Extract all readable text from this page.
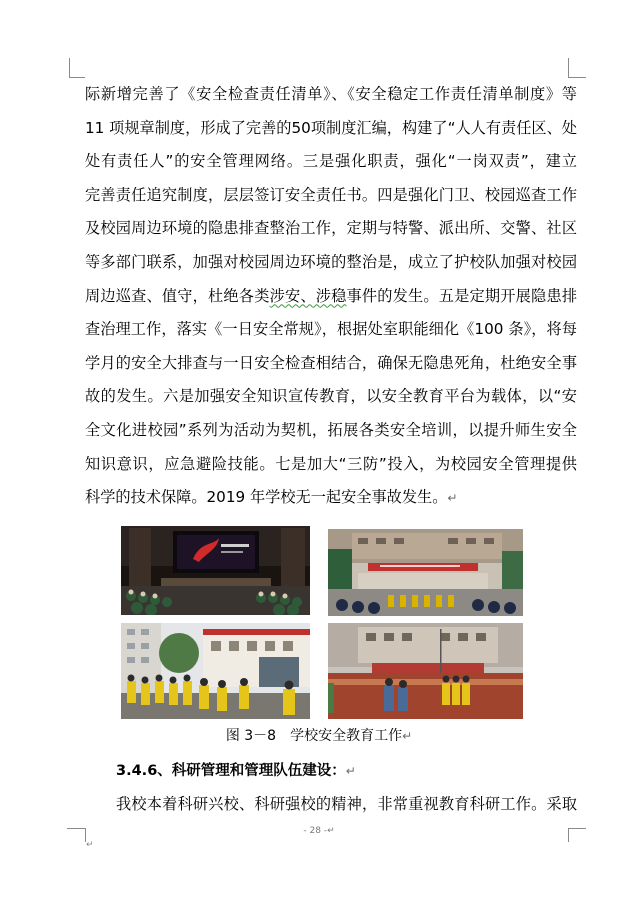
际新增完善了《安全检查责任清单》、《安全稳定工作责任清单制度》等
11 项规章制度，形成了完善的50项制度汇编，构建了“人人有责任区、处
处有责任人”的安全管理网络。三是强化职责，强化“一岗双责”，建立
完善责任追究制度，层层签订安全责任书。四是强化门卫、校园巡查工作
及校园周边环境的隐患排查整治工作，定期与特警、派出所、交警、社区
等多部门联系，加强对校园周边环境的整治是，成立了护校队加强对校园
周边巡查、值守，杜绝各类涉安、涉稳事件的发生。五是定期开展隐患排
查治理工作，落实《一日安全常规》，根据处室职能细化《100 条》，将每
学月的安全大排查与一日安全检查相结合，确保无隐患死角，杜绝安全事
故的发生。六是加强安全知识宣传教育，以安全教育平台为载体，以“安
全文化进校园”系列为活动为契机，拓展各类安全培训，以提升师生安全
知识意识，应急避险技能。七是加大“三防”投入，为校园安全管理提供
科学的技术保障。2019 年学校无一起安全事故发生。↵
图 3－8　学校安全教育工作↵
3.4.6、科研管理和管理队伍建设：↵
我校本着科研兴校、科研强校的精神，非常重视教育科研工作。采取
- 28 -↵
↵
